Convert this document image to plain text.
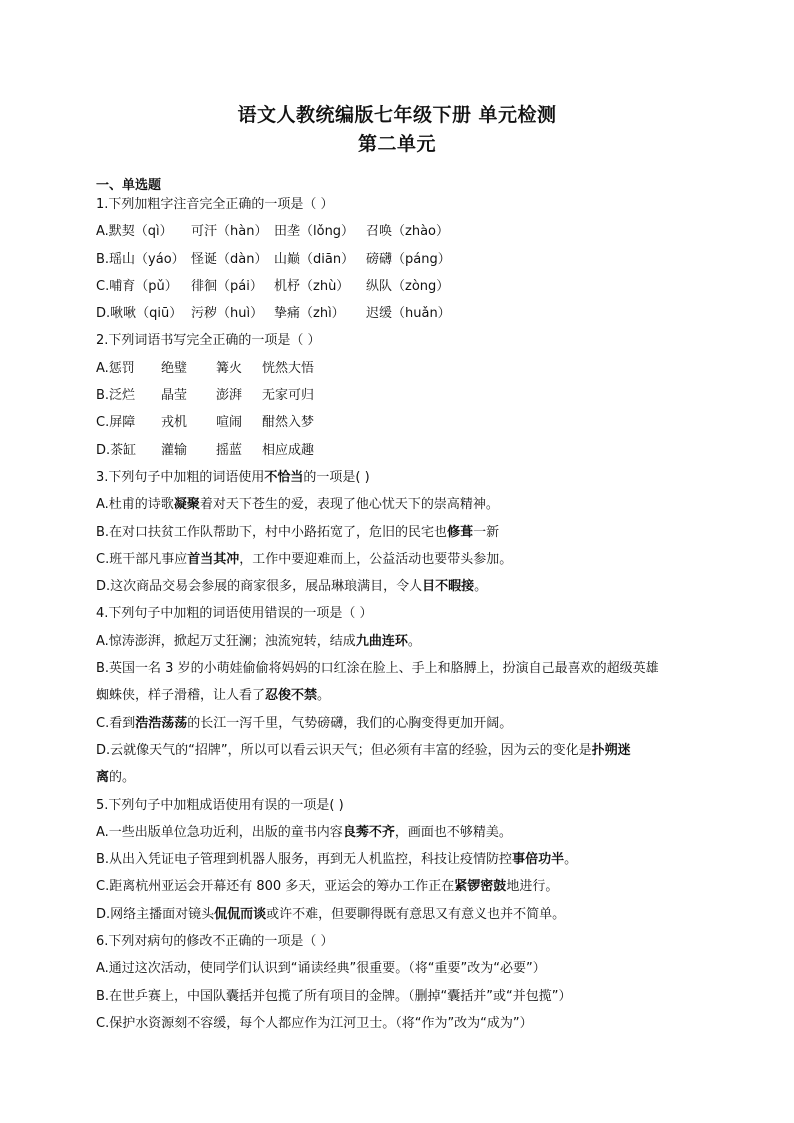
语文人教统编版七年级下册 单元检测
第二单元
一、单选题
1.下列加粗字注音完全正确的一项是（ ）
A.默契（qì）	可汗（hàn） 田垄（lǒng） 召唤（zhào）
B.瑶山（yáo） 怪诞（dàn） 山巅（diān） 磅礴（páng）
C.哺育（pǔ）	徘徊（pái） 机杼（zhù）	纵队（zòng）
D.啾啾（qiū） 污秽（huì） 挚痛（zhì）	迟缓（huǎn）
2.下列词语书写完全正确的一项是（ ）
A.惩罚	绝璧	篝火	恍然大悟
B.泛烂	晶莹	澎湃	无家可归
C.屏障	戎机	喧闹	酣然入梦
D.茶缸	灌输	摇蓝	相应成趣
3.下列句子中加粗的词语使用不恰当的一项是( )
A.杜甫的诗歌凝聚着对天下苍生的爱，表现了他心忧天下的崇高精神。
B.在对口扶贫工作队帮助下，村中小路拓宽了，危旧的民宅也修葺一新
C.班干部凡事应首当其冲，工作中要迎难而上，公益活动也要带头参加。
D.这次商品交易会参展的商家很多，展品琳琅满目，令人目不暇接。
4.下列句子中加粗的词语使用错误的一项是（ ）
A.惊涛澎湃，掀起万丈狂澜；浊流宛转，结成九曲连环。
B.英国一名 3 岁的小萌娃偷偷将妈妈的口红涂在脸上、手上和胳膊上，扮演自己最喜欢的超级英雄
蜘蛛侠，样子滑稽，让人看了忍俊不禁。
C.看到浩浩荡荡的长江一泻千里，气势磅礴，我们的心胸变得更加开阔。
D.云就像天气的“招牌”，所以可以看云识天气；但必须有丰富的经验，因为云的变化是扑朔迷
离的。
5.下列句子中加粗成语使用有误的一项是( )
A.一些出版单位急功近利，出版的童书内容良莠不齐，画面也不够精美。
B.从出入凭证电子管理到机器人服务，再到无人机监控，科技让疫情防控事倍功半。
C.距离杭州亚运会开幕还有 800 多天，亚运会的筹办工作正在紧锣密鼓地进行。
D.网络主播面对镜头侃侃而谈或许不难，但要聊得既有意思又有意义也并不简单。
6.下列对病句的修改不正确的一项是（ ）
A.通过这次活动，使同学们认识到“诵读经典”很重要。（将“重要”改为“必要”）
B.在世乒赛上，中国队囊括并包揽了所有项目的金牌。（删掉“囊括并”或“并包揽”）
C.保护水资源刻不容缓，每个人都应作为江河卫士。（将“作为”改为“成为”）
